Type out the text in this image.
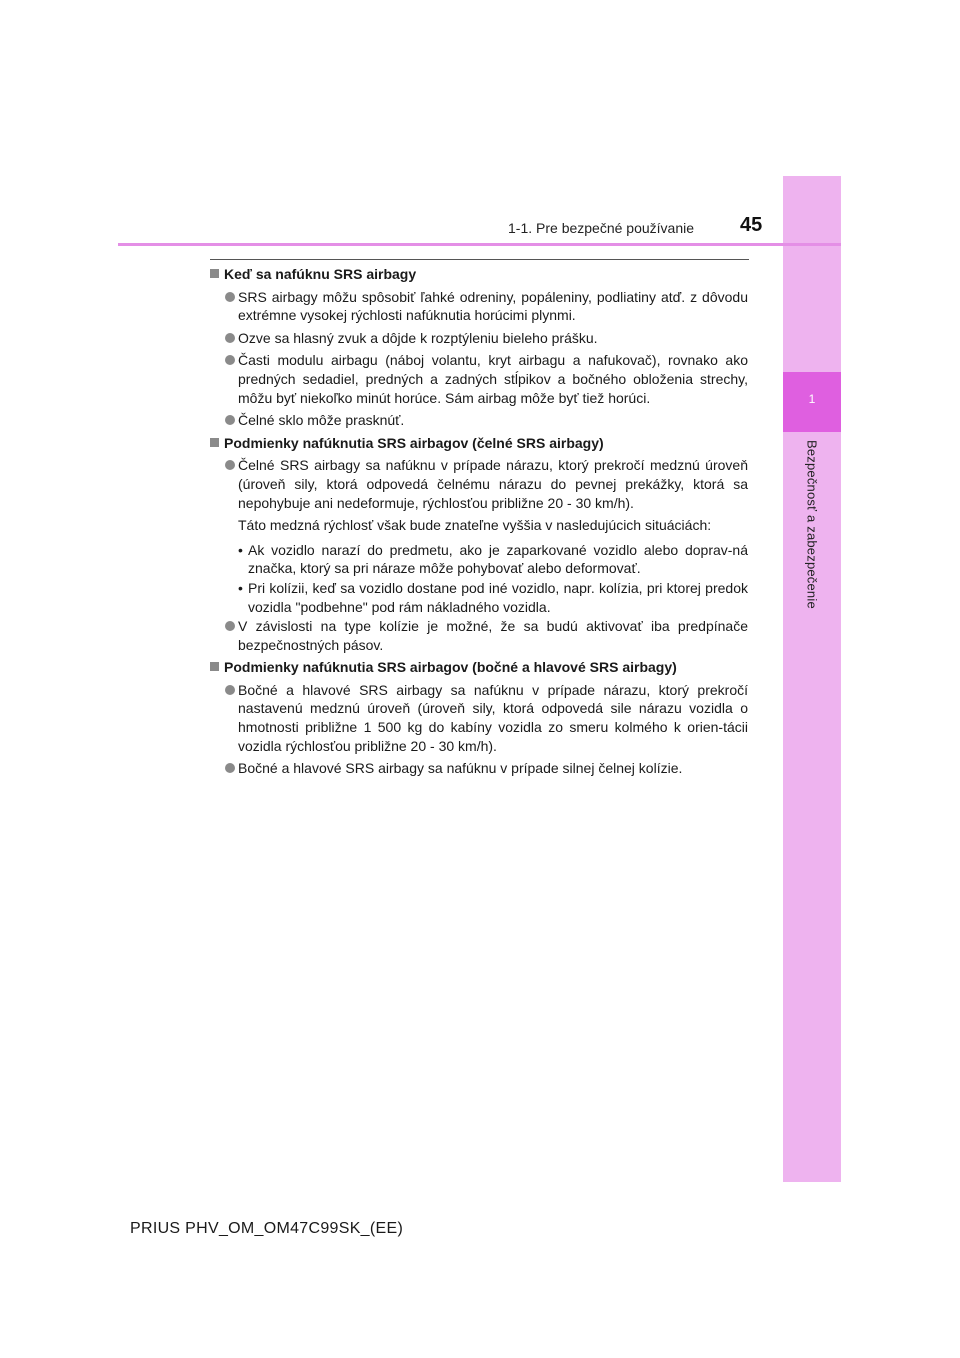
1
Bezpečnosť a zabezpečenie
1-1. Pre bezpečné používanie 45
Keď sa nafúknu SRS airbagy
SRS airbagy môžu spôsobiť ľahké odreniny, popáleniny, podliatiny atď. z dôvodu extrémne vysokej rýchlosti nafúknutia horúcimi plynmi.
Ozve sa hlasný zvuk a dôjde k rozptýleniu bieleho prášku.
Časti modulu airbagu (náboj volantu, kryt airbagu a nafukovač), rovnako ako predných sedadiel, predných a zadných stĺpikov a bočného obloženia strechy, môžu byť niekoľko minút horúce. Sám airbag môže byť tiež horúci.
Čelné sklo môže prasknúť.
Podmienky nafúknutia SRS airbagov (čelné SRS airbagy)
Čelné SRS airbagy sa nafúknu v prípade nárazu, ktorý prekročí medznú úroveň (úroveň sily, ktorá odpovedá čelnému nárazu do pevnej prekážky, ktorá sa nepohybuje ani nedeformuje, rýchlosťou približne 20 - 30 km/h).
Táto medzná rýchlosť však bude znateľne vyššia v nasledujúcich situáciách:
• Ak vozidlo narazí do predmetu, ako je zaparkované vozidlo alebo doprav-ná značka, ktorý sa pri náraze môže pohybovať alebo deformovať.
• Pri kolízii, keď sa vozidlo dostane pod iné vozidlo, napr. kolízia, pri ktorej predok vozidla "podbehne" pod rám nákladného vozidla.
V závislosti na type kolízie je možné, že sa budú aktivovať iba predpínače bezpečnostných pásov.
Podmienky nafúknutia SRS airbagov (bočné a hlavové SRS airbagy)
Bočné a hlavové SRS airbagy sa nafúknu v prípade nárazu, ktorý prekročí nastavenú medznú úroveň (úroveň sily, ktorá odpovedá sile nárazu vozidla o hmotnosti približne 1 500 kg do kabíny vozidla zo smeru kolmého k orien-tácii vozidla rýchlosťou približne 20 - 30 km/h).
Bočné a hlavové SRS airbagy sa nafúknu v prípade silnej čelnej kolízie.
PRIUS PHV_OM_OM47C99SK_(EE)
